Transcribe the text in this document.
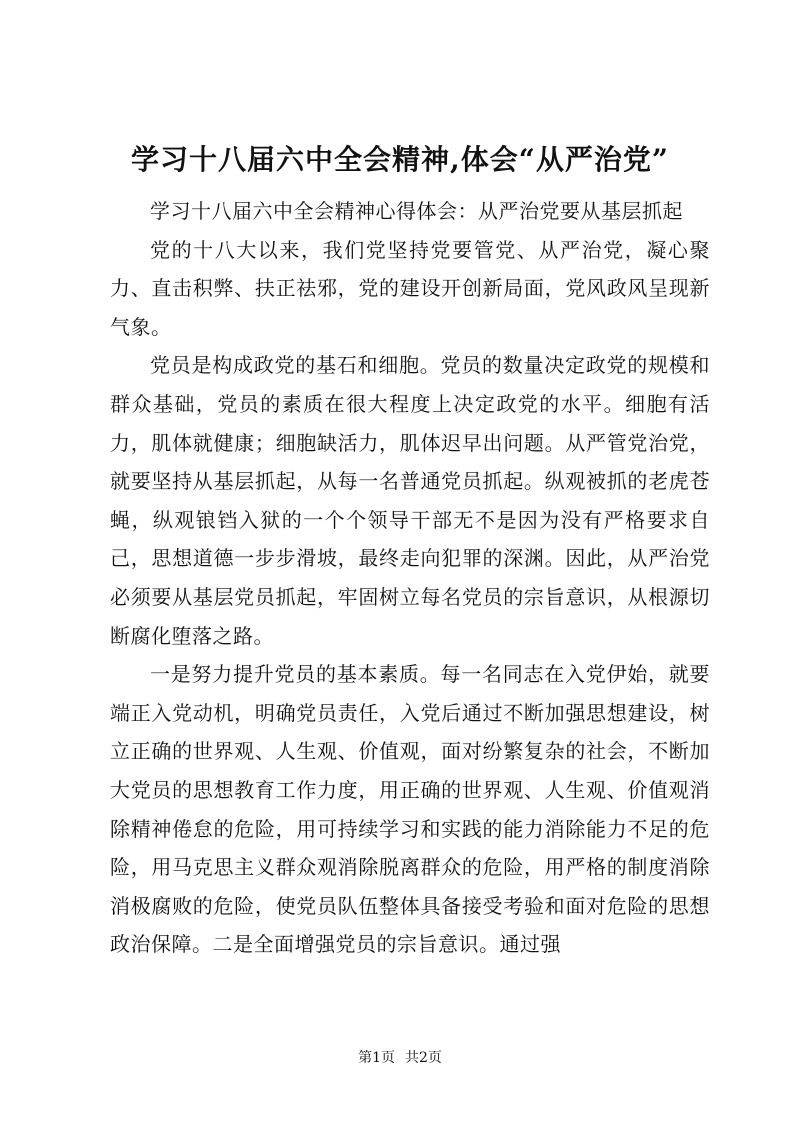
学习十八届六中全会精神,体会“从严治党”

学习十八届六中全会精神心得体会：从严治党要从基层抓起

党的十八大以来，我们党坚持党要管党、从严治党，凝心聚力、直击积弊、扶正祛邪，党的建设开创新局面，党风政风呈现新气象。

党员是构成政党的基石和细胞。党员的数量决定政党的规模和群众基础，党员的素质在很大程度上决定政党的水平。细胞有活力，肌体就健康；细胞缺活力，肌体迟早出问题。从严管党治党，就要坚持从基层抓起，从每一名普通党员抓起。纵观被抓的老虎苍蝇，纵观锒铛入狱的一个个领导干部无不是因为没有严格要求自己，思想道德一步步滑坡，最终走向犯罪的深渊。因此，从严治党必须要从基层党员抓起，牢固树立每名党员的宗旨意识，从根源切断腐化堕落之路。

一是努力提升党员的基本素质。每一名同志在入党伊始，就要端正入党动机，明确党员责任，入党后通过不断加强思想建设，树立正确的世界观、人生观、价值观，面对纷繁复杂的社会，不断加大党员的思想教育工作力度，用正确的世界观、人生观、价值观消除精神倦怠的危险，用可持续学习和实践的能力消除能力不足的危险，用马克思主义群众观消除脱离群众的危险，用严格的制度消除消极腐败的危险，使党员队伍整体具备接受考验和面对危险的思想政治保障。二是全面增强党员的宗旨意识。通过强

第1页 共2页
